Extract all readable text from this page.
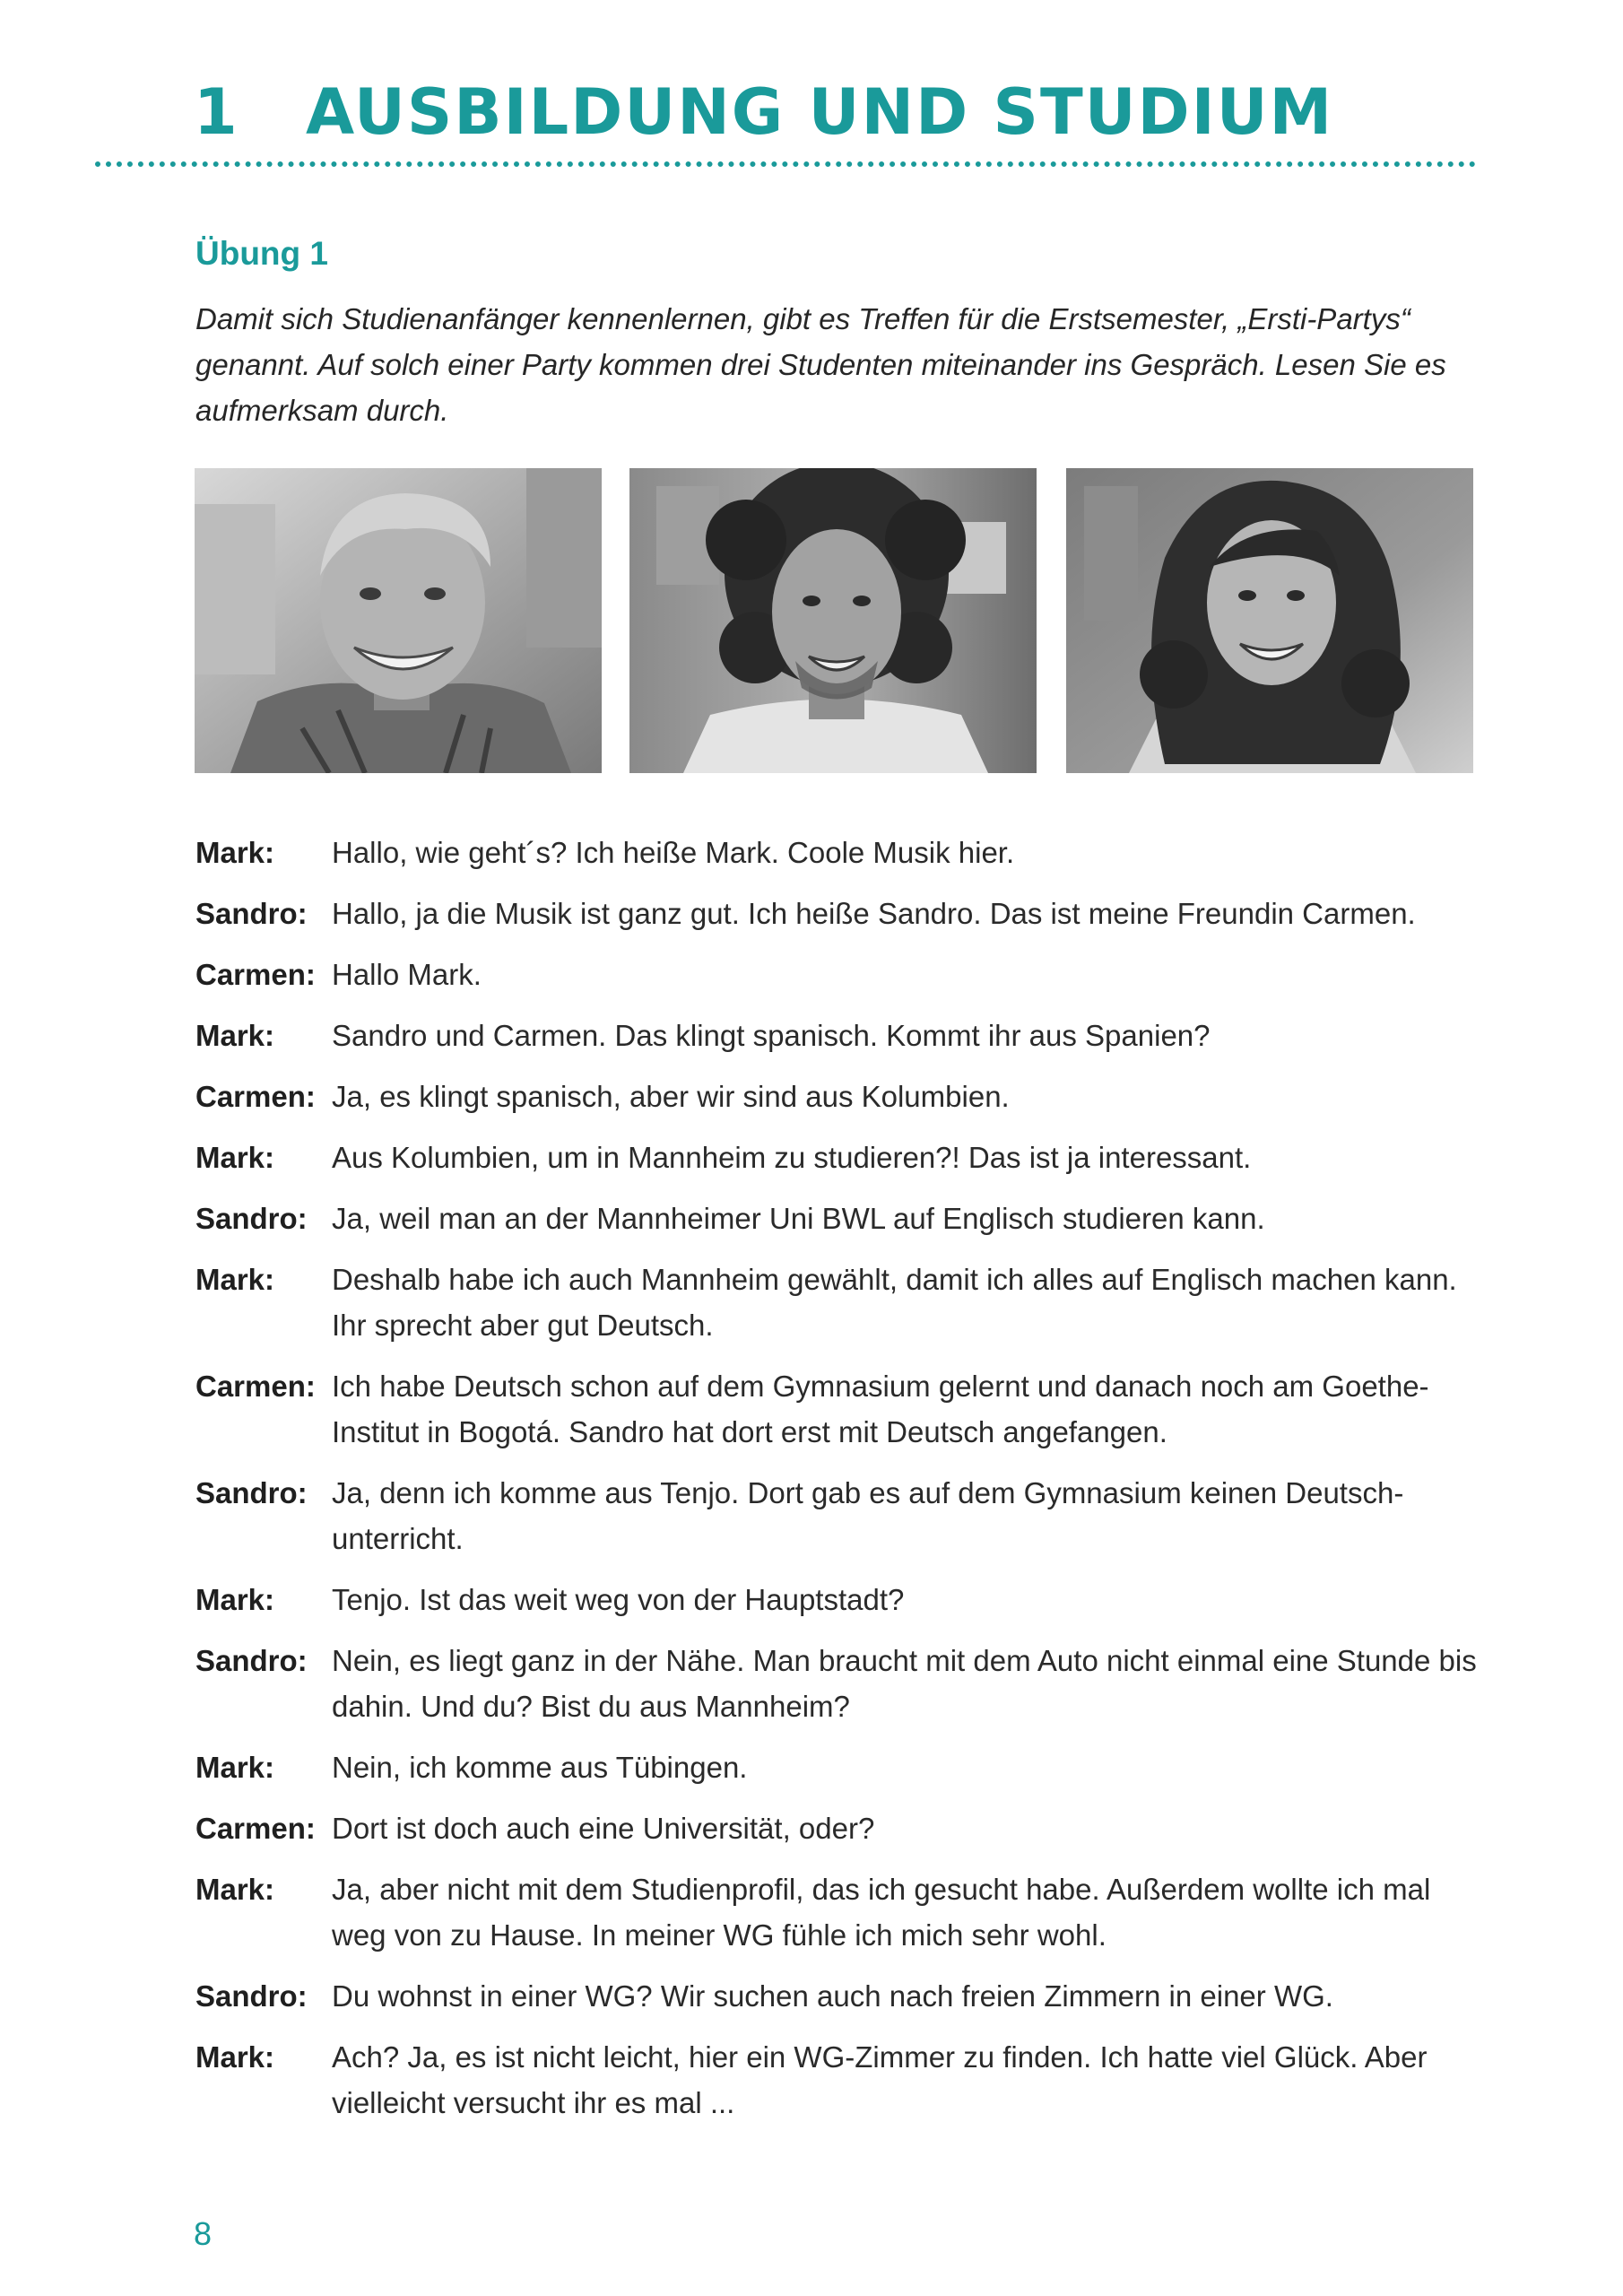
1	AUSBILDUNG UND STUDIUM
Übung 1
Damit sich Studienanfänger kennenlernen, gibt es Treffen für die Erstsemester, „Ersti-Partys“ genannt. Auf solch einer Party kommen drei Studenten miteinander ins Gespräch. Lesen Sie es aufmerksam durch.
Mark:	Hallo, wie geht´s? Ich heiße Mark. Coole Musik hier.
Sandro: Hallo, ja die Musik ist ganz gut. Ich heiße Sandro. Das ist meine Freundin Carmen.
Carmen: Hallo Mark.
Mark:	Sandro und Carmen. Das klingt spanisch. Kommt ihr aus Spanien?
Carmen: Ja, es klingt spanisch, aber wir sind aus Kolumbien.
Mark:	Aus Kolumbien, um in Mannheim zu studieren?! Das ist ja interessant.
Sandro: Ja, weil man an der Mannheimer Uni BWL auf Englisch studieren kann.
Mark:	Deshalb habe ich auch Mannheim gewählt, damit ich alles auf Englisch machen kann. Ihr sprecht aber gut Deutsch.
Carmen: Ich habe Deutsch schon auf dem Gymnasium gelernt und danach noch am Goethe-Institut in Bogotá. Sandro hat dort erst mit Deutsch angefangen.
Sandro: Ja, denn ich komme aus Tenjo. Dort gab es auf dem Gymnasium keinen Deutsch-unterricht.
Mark:	Tenjo. Ist das weit weg von der Hauptstadt?
Sandro: Nein, es liegt ganz in der Nähe. Man braucht mit dem Auto nicht einmal eine Stunde bis dahin. Und du? Bist du aus Mannheim?
Mark:	Nein, ich komme aus Tübingen.
Carmen: Dort ist doch auch eine Universität, oder?
Mark:	Ja, aber nicht mit dem Studienprofil, das ich gesucht habe. Außerdem wollte ich mal weg von zu Hause. In meiner WG fühle ich mich sehr wohl.
Sandro: Du wohnst in einer WG? Wir suchen auch nach freien Zimmern in einer WG.
Mark:	Ach? Ja, es ist nicht leicht, hier ein WG-Zimmer zu finden. Ich hatte viel Glück. Aber vielleicht versucht ihr es mal ...
8
